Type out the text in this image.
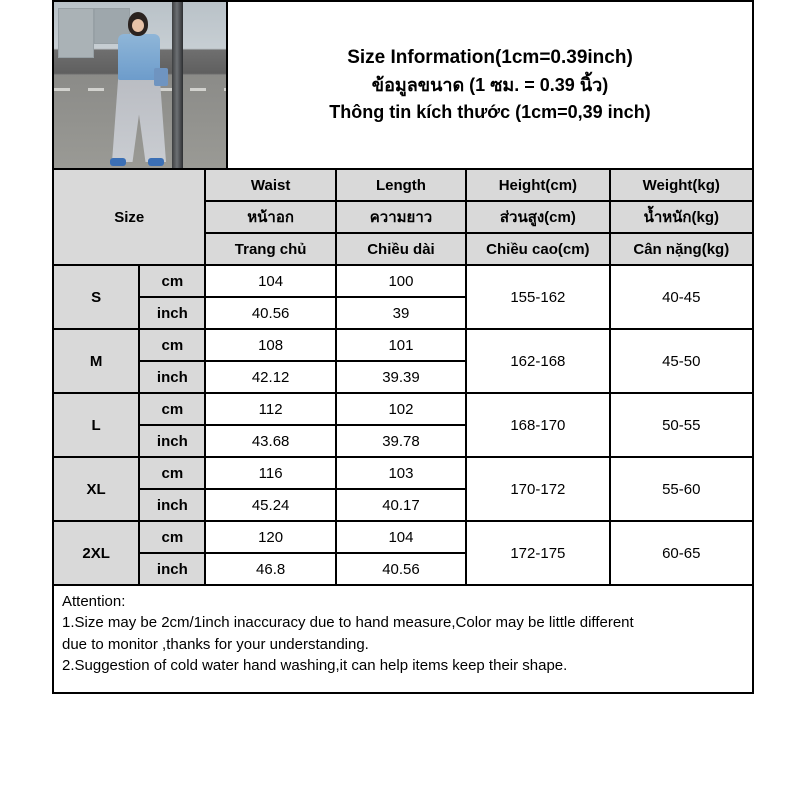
Size Information(1cm=0.39inch)
ข้อมูลขนาด (1 ซม. = 0.39 นิ้ว)
Thông tin kích thước (1cm=0,39 inch)
Size		Waist	Length	Height(cm)	Weight(kg)
		หน้าอก	ความยาว	ส่วนสูง(cm)	น้ำหนัก(kg)
		Trang chủ	Chiều dài	Chiều cao(cm)	Cân nặng(kg)
S	cm	104	100	155-162	40-45
	inch	40.56	39		
M	cm	108	101	162-168	45-50
	inch	42.12	39.39		
L	cm	112	102	168-170	50-55
	inch	43.68	39.78		
XL	cm	116	103	170-172	55-60
	inch	45.24	40.17		
2XL	cm	120	104	172-175	60-65
	inch	46.8	40.56		
Attention:
1.Size may be 2cm/1inch inaccuracy due to hand measure,Color may be little different
due to monitor ,thanks for your understanding.
2.Suggestion of cold water hand washing,it can help items keep their shape.
